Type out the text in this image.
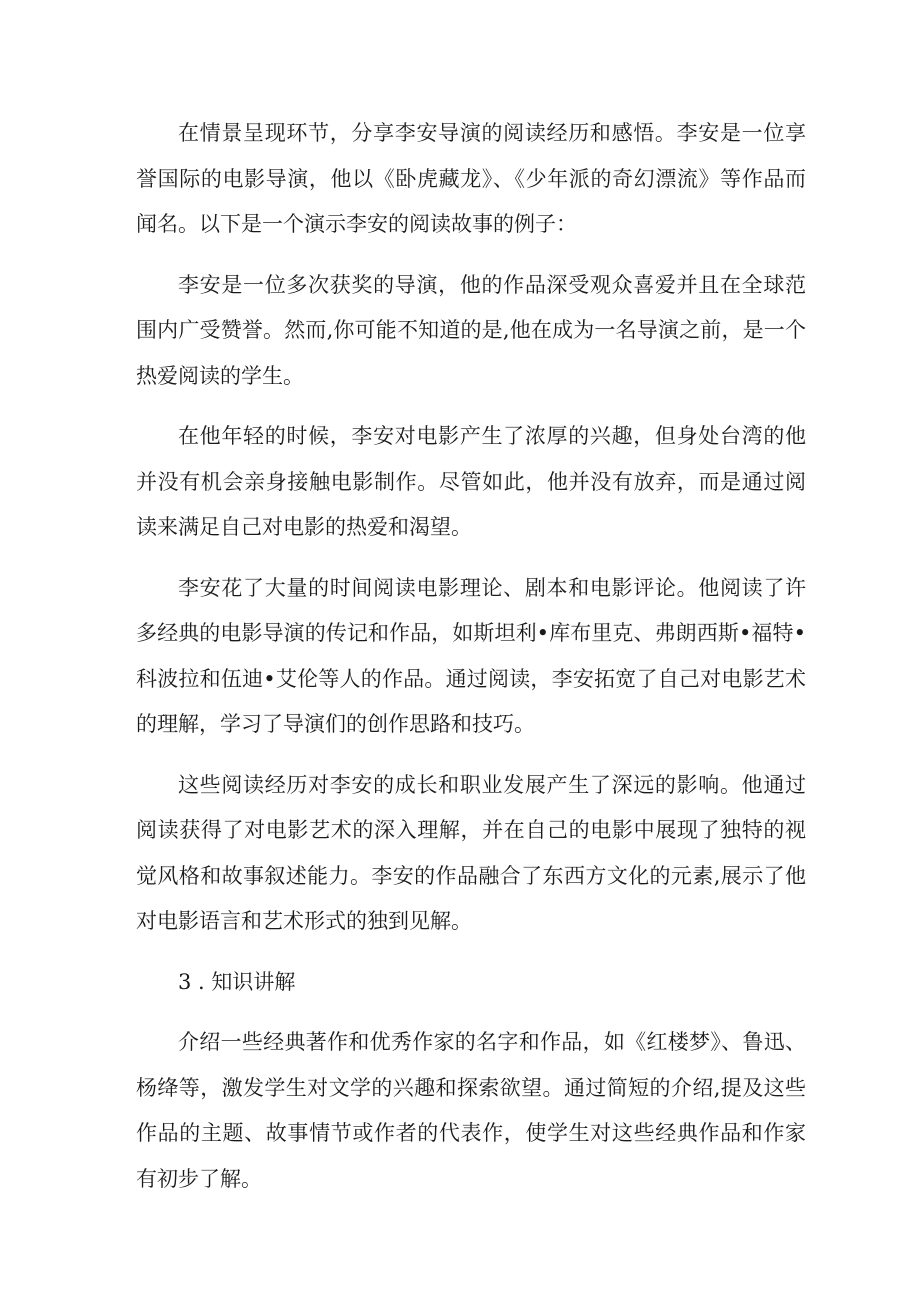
在情景呈现环节，分享李安导演的阅读经历和感悟。李安是一位享誉国际的电影导演，他以《卧虎藏龙》、《少年派的奇幻漂流》等作品而闻名。以下是一个演示李安的阅读故事的例子：

李安是一位多次获奖的导演，他的作品深受观众喜爱并且在全球范围内广受赞誉。然而,你可能不知道的是,他在成为一名导演之前，是一个热爱阅读的学生。

在他年轻的时候，李安对电影产生了浓厚的兴趣，但身处台湾的他并没有机会亲身接触电影制作。尽管如此，他并没有放弃，而是通过阅读来满足自己对电影的热爱和渴望。

李安花了大量的时间阅读电影理论、剧本和电影评论。他阅读了许多经典的电影导演的传记和作品，如斯坦利•库布里克、弗朗西斯•福特•科波拉和伍迪•艾伦等人的作品。通过阅读，李安拓宽了自己对电影艺术的理解，学习了导演们的创作思路和技巧。

这些阅读经历对李安的成长和职业发展产生了深远的影响。他通过阅读获得了对电影艺术的深入理解，并在自己的电影中展现了独特的视觉风格和故事叙述能力。李安的作品融合了东西方文化的元素,展示了他对电影语言和艺术形式的独到见解。

3 . 知识讲解

介绍一些经典著作和优秀作家的名字和作品，如《红楼梦》、鲁迅、杨绛等，激发学生对文学的兴趣和探索欲望。通过简短的介绍,提及这些作品的主题、故事情节或作者的代表作，使学生对这些经典作品和作家有初步了解。
